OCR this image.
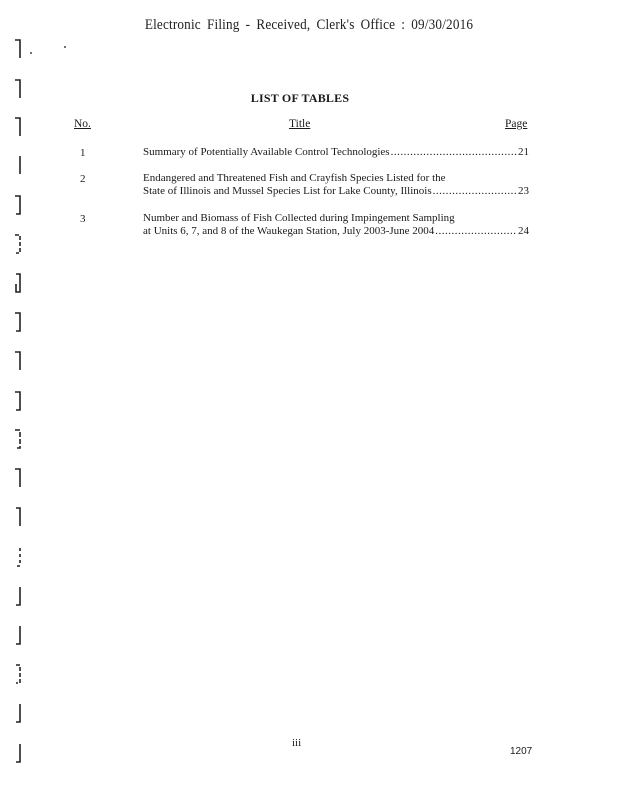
Electronic Filing - Received, Clerk's Office : 09/30/2016
LIST OF TABLES
No.	Title	Page
1	Summary of Potentially Available Control Technologies .....	21
2	Endangered and Threatened Fish and Crayfish Species Listed for the
State of Illinois and Mussel Species List for Lake County, Illinois .....	23
3	Number and Biomass of Fish Collected during Impingement Sampling
at Units 6, 7, and 8 of the Waukegan Station, July 2003-June 2004 .....	24
iii
1207
